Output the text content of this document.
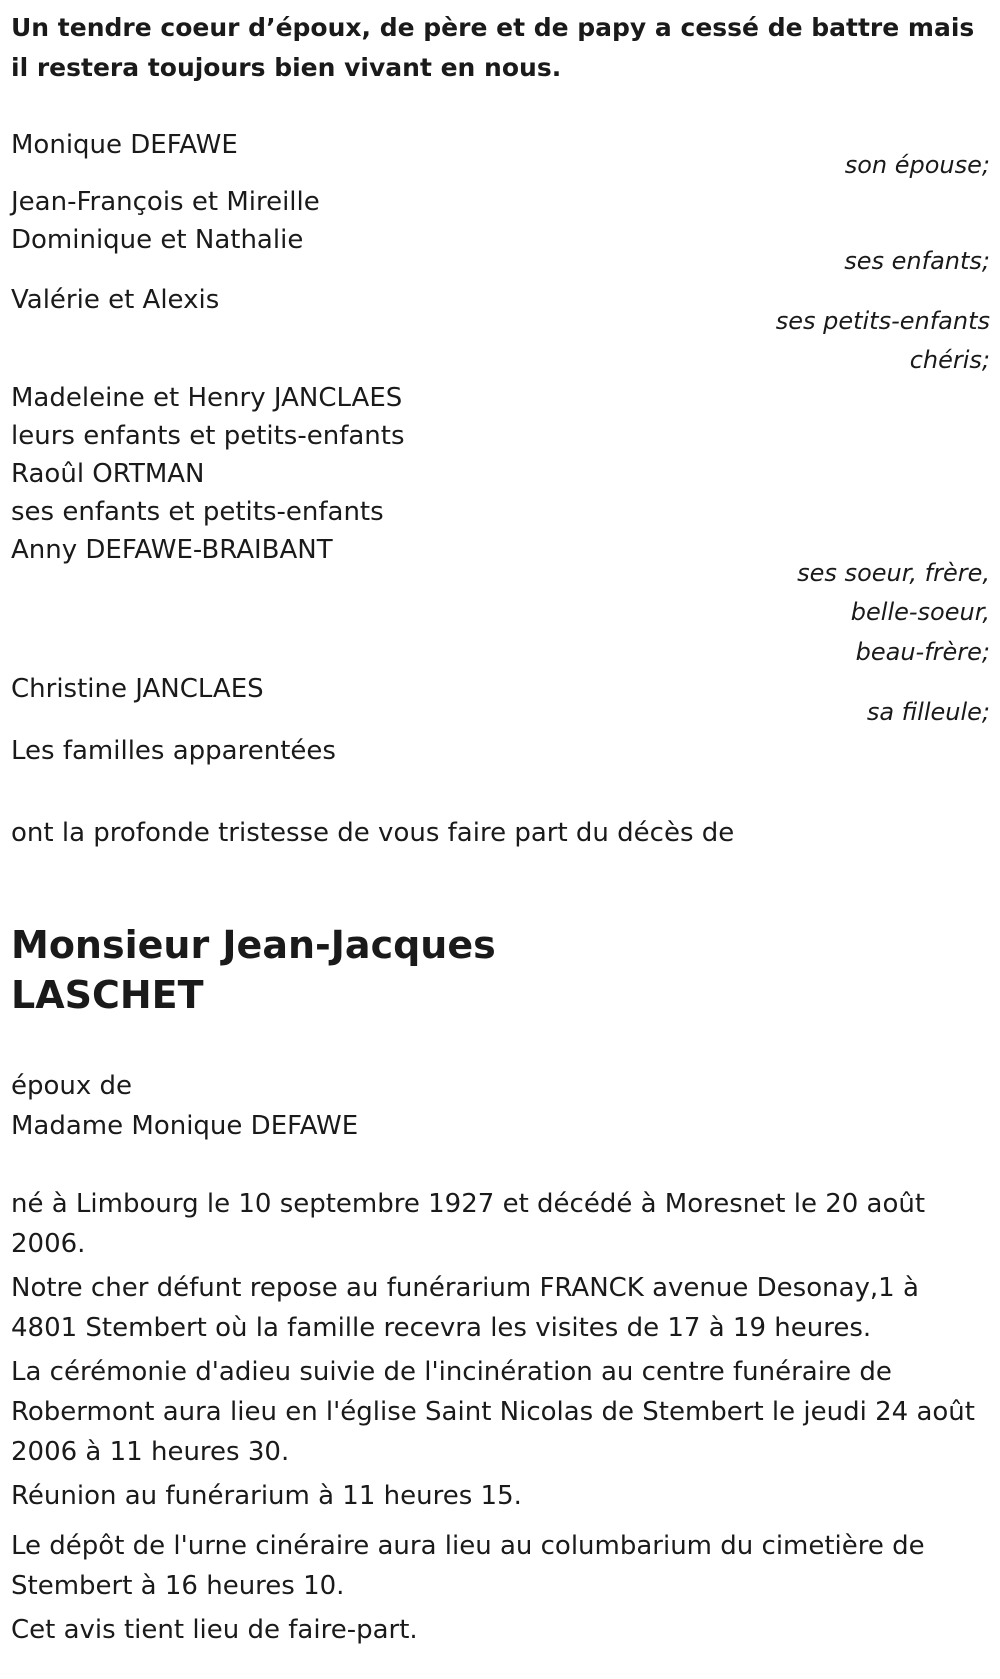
Un tendre coeur d’époux, de père et de papy a cessé de battre mais il restera toujours bien vivant en nous.
Monique DEFAWE
son épouse;
Jean-François et Mireille
Dominique et Nathalie
ses enfants;
Valérie et Alexis
ses petits-enfants
chéris;
Madeleine et Henry JANCLAES
leurs enfants et petits-enfants
Raoûl ORTMAN
ses enfants et petits-enfants
Anny DEFAWE-BRAIBANT
ses soeur, frère,
belle-soeur,
beau-frère;
Christine JANCLAES
sa filleule;
Les familles apparentées
ont la profonde tristesse de vous faire part du décès de
Monsieur Jean-Jacques
LASCHET
époux de
Madame Monique DEFAWE
né à Limbourg le 10 septembre 1927 et décédé à Moresnet le 20 août 2006.
Notre cher défunt repose au funérarium FRANCK avenue Desonay,1 à 4801 Stembert où la famille recevra les visites de 17 à 19 heures.
La cérémonie d'adieu suivie de l'incinération au centre funéraire de Robermont aura lieu en l'église Saint Nicolas de Stembert le jeudi 24 août 2006 à 11 heures 30.
Réunion au funérarium à 11 heures 15.
Le dépôt de l'urne cinéraire aura lieu au columbarium du cimetière de Stembert à 16 heures 10.
Cet avis tient lieu de faire-part.
